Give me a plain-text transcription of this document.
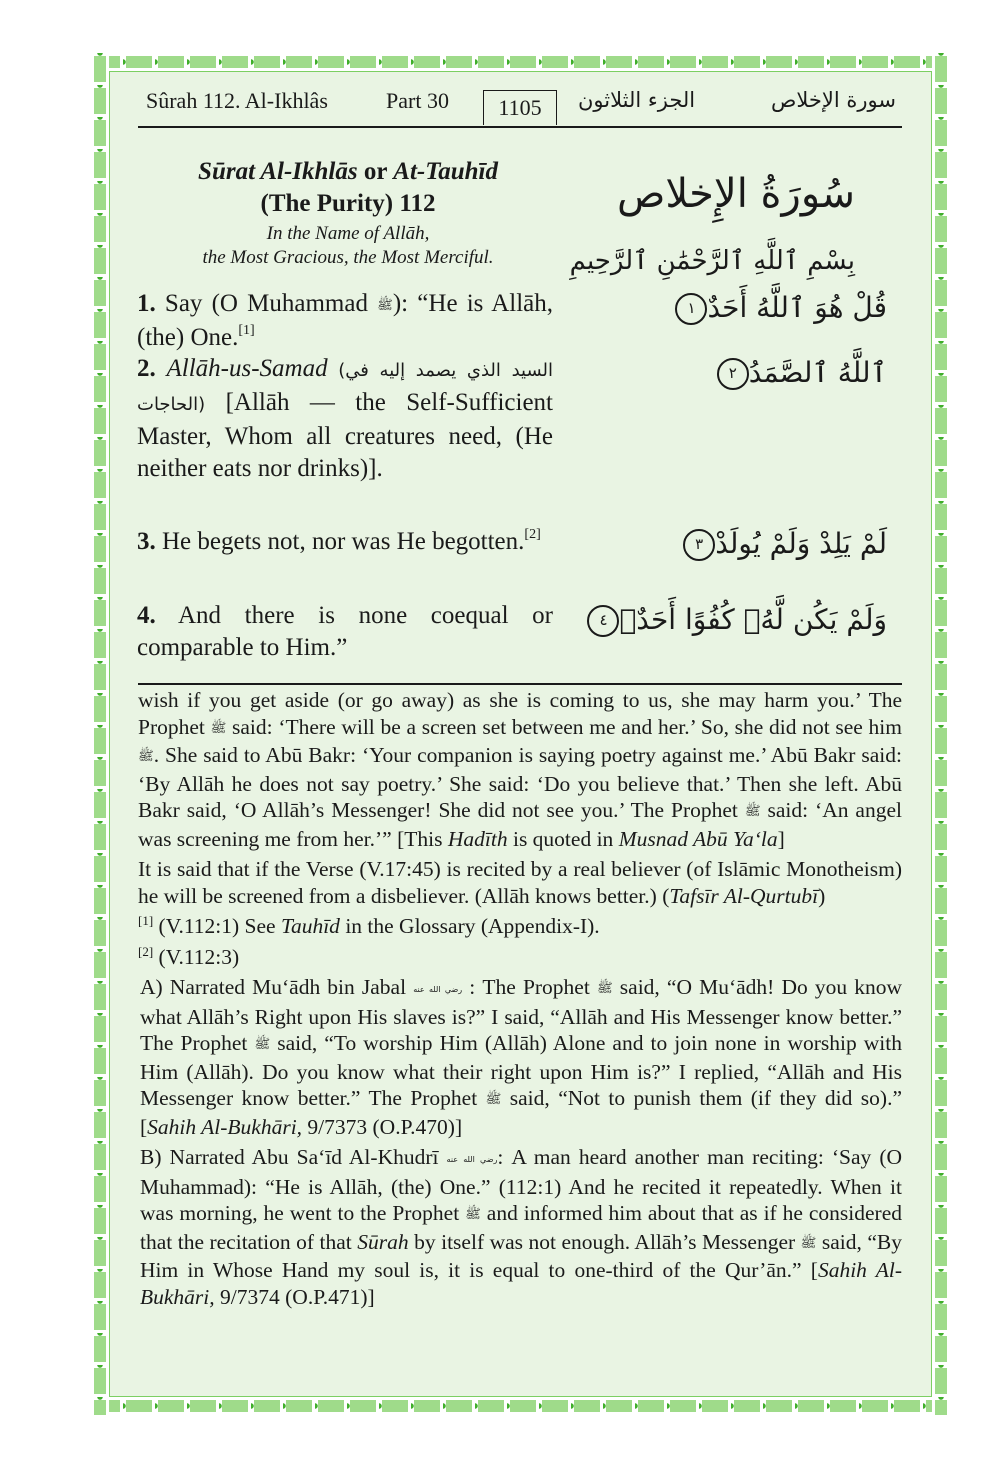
Sûrah 112. Al-Ikhlâs	Part 30	1105	الجزء الثلاثون	سورة الإخلاص
Sūrat Al-Ikhlās or At-Tauhīd
(The Purity) 112
In the Name of Allāh,
the Most Gracious, the Most Merciful.
سُورَةُ الإِخلاص
بِسْمِ ٱللَّهِ ٱلرَّحْمَٰنِ ٱلرَّحِيمِ
1. Say (O Muhammad ﷺ): “He is Allāh, (the) One.[1]
قُلْ هُوَ ٱللَّهُ أَحَدٌ١
2. Allāh-us-Samad (السيد الذي يصمد إليه في الحاجات) [Allāh — the Self-Sufficient Master, Whom all creatures need, (He neither eats nor drinks)].
ٱللَّهُ ٱلصَّمَدُ٢
3. He begets not, nor was He begotten.[2]	لَمْ يَلِدْ وَلَمْ يُولَدْ٣
4. And there is none coequal or comparable to Him.”
وَلَمْ يَكُن لَّهُۥ كُفُوًا أَحَدٌۢ٤

wish if you get aside (or go away) as she is coming to us, she may harm you.’ The Prophet ﷺ said: ‘There will be a screen set between me and her.’ So, she did not see him ﷺ. She said to Abū Bakr: ‘Your companion is saying poetry against me.’ Abū Bakr said: ‘By Allāh he does not say poetry.’ She said: ‘Do you believe that.’ Then she left. Abū Bakr said, ‘O Allāh’s Messenger! She did not see you.’ The Prophet ﷺ said: ‘An angel was screening me from her.’” [This Hadīth is quoted in Musnad Abū Ya‘la]

It is said that if the Verse (V.17:45) is recited by a real believer (of Islāmic Monotheism) he will be screened from a disbeliever. (Allāh knows better.) (Tafsīr Al-Qurtubī)

[1] (V.112:1) See Tauhīd in the Glossary (Appendix-I).

[2] (V.112:3)

A) Narrated Mu‘ādh bin Jabal رضي الله عنه : The Prophet ﷺ said, “O Mu‘ādh! Do you know what Allāh’s Right upon His slaves is?” I said, “Allāh and His Messenger know better.” The Prophet ﷺ said, “To worship Him (Allāh) Alone and to join none in worship with Him (Allāh). Do you know what their right upon Him is?” I replied, “Allāh and His Messenger know better.” The Prophet ﷺ said, “Not to punish them (if they did so).” [Sahih Al-Bukhāri, 9/7373 (O.P.470)]

B) Narrated Abu Sa‘īd Al-Khudrī رضي الله عنه: A man heard another man reciting: ‘Say (O Muhammad): “He is Allāh, (the) One.” (112:1) And he recited it repeatedly. When it was morning, he went to the Prophet ﷺ and informed him about that as if he considered that the recitation of that Sūrah by itself was not enough. Allāh’s Messenger ﷺ said, “By Him in Whose Hand my soul is, it is equal to one-third of the Qur’ān.” [Sahih Al-Bukhāri, 9/7374 (O.P.471)]
